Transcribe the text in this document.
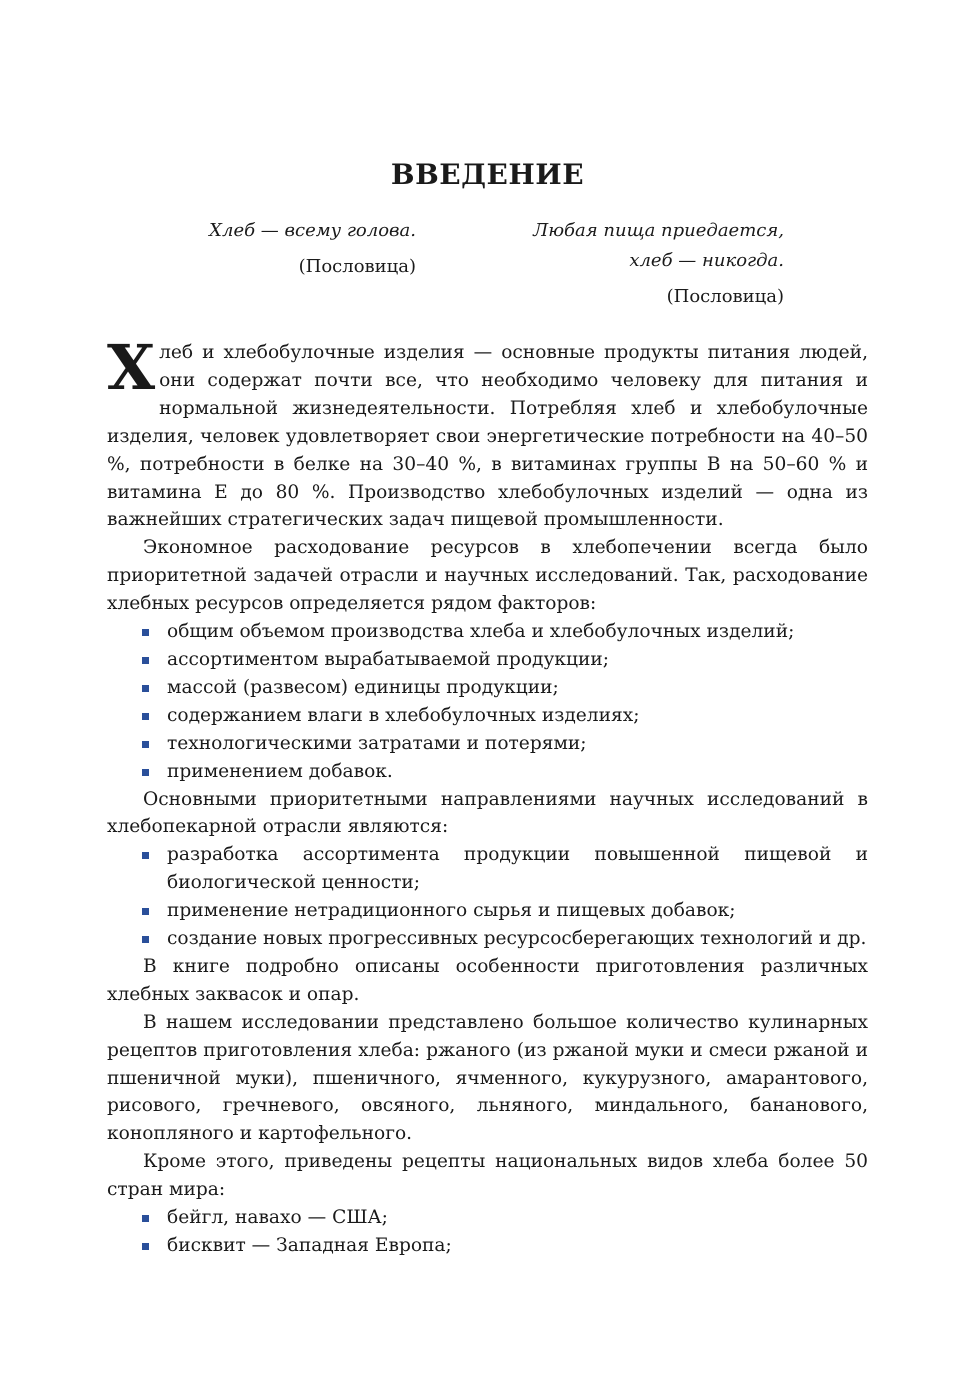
ВВЕДЕНИЕ
Хлеб — всему голова.
(Пословица)
Любая пища приедается,
хлеб — никогда.
(Пословица)

Хлеб и хлебобулочные изделия — основные продукты питания людей, они содержат почти все, что необходимо человеку для питания и нормальной жизнедеятельности. Потребляя хлеб и хлебобулочные изделия, человек удовлетворяет свои энергетические потребности на 40–50 %, потребности в белке на 30–40 %, в витаминах группы В на 50–60 % и витамина Е до 80 %. Производство хлебобулочных изделий — одна из важнейших стратегических задач пищевой промышленности.

Экономное расходование ресурсов в хлебопечении всегда было приоритетной задачей отрасли и научных исследований. Так, расходование хлебных ресурсов определяется рядом факторов:

общим объемом производства хлеба и хлебобулочных изделий;
ассортиментом вырабатываемой продукции;
массой (развесом) единицы продукции;
содержанием влаги в хлебобулочных изделиях;
технологическими затратами и потерями;
применением добавок.

Основными приоритетными направлениями научных исследований в хлебопекарной отрасли являются:

разработка ассортимента продукции повышенной пищевой и биологической ценности;
применение нетрадиционного сырья и пищевых добавок;
создание новых прогрессивных ресурсосберегающих технологий и др.

В книге подробно описаны особенности приготовления различных хлебных заквасок и опар.

В нашем исследовании представлено большое количество кулинарных рецептов приготовления хлеба: ржаного (из ржаной муки и смеси ржаной и пшеничной муки), пшеничного, ячменного, кукурузного, амарантового, рисового, гречневого, овсяного, льняного, миндального, бананового, конопляного и картофельного.

Кроме этого, приведены рецепты национальных видов хлеба более 50 стран мира:

бейгл, навахо — США;
бисквит — Западная Европа;
